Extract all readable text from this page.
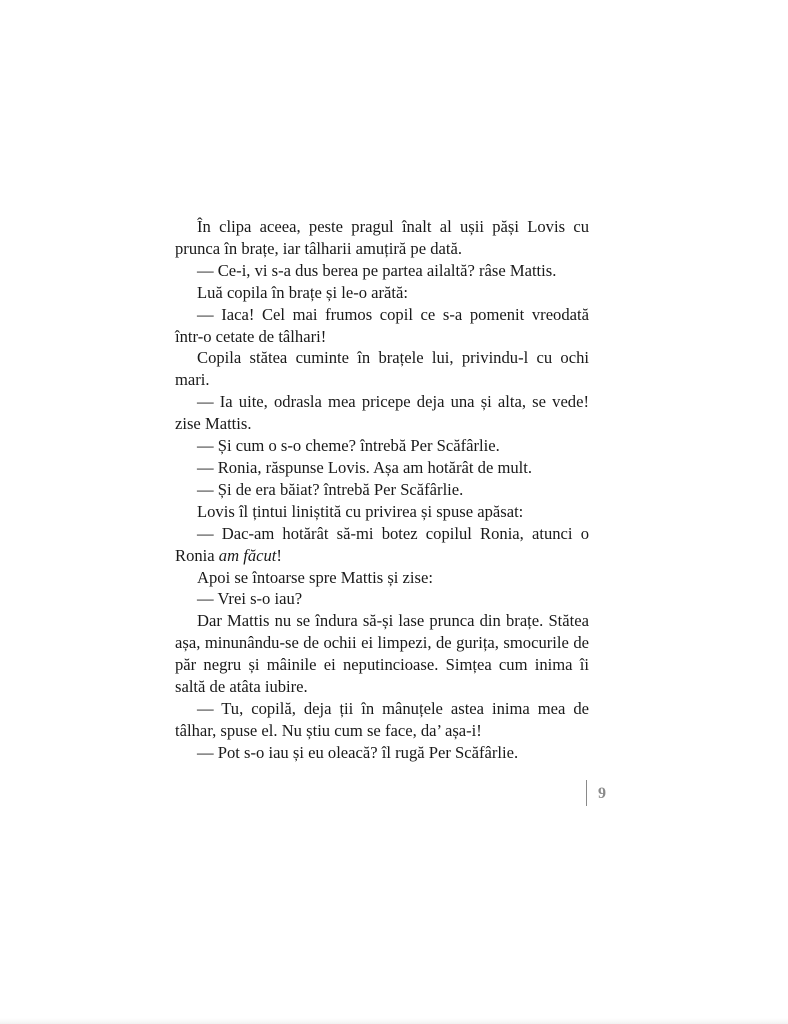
În clipa aceea, peste pragul înalt al ușii păși Lovis cu prunca în brațe, iar tâlharii amuțiră pe dată.

— Ce-i, vi s-a dus berea pe partea ailaltă? râse Mattis.

Luă copila în brațe și le-o arătă:

— Iaca! Cel mai frumos copil ce s-a pomenit vreodată într-o cetate de tâlhari!

Copila stătea cuminte în brațele lui, privindu-l cu ochi mari.

— Ia uite, odrasla mea pricepe deja una și alta, se vede! zise Mattis.

— Și cum o s-o cheme? întrebă Per Scăfârlie.

— Ronia, răspunse Lovis. Așa am hotărât de mult.

— Și de era băiat? întrebă Per Scăfârlie.

Lovis îl țintui liniștită cu privirea și spuse apăsat:

— Dac-am hotărât să-mi botez copilul Ronia, atunci o Ronia am făcut!

Apoi se întoarse spre Mattis și zise:

— Vrei s-o iau?

Dar Mattis nu se îndura să-și lase prunca din brațe. Stătea așa, minunându-se de ochii ei limpezi, de gurița, smocurile de păr negru și mâinile ei neputincioase. Simțea cum inima îi saltă de atâta iubire.

— Tu, copilă, deja ții în mânuțele astea inima mea de tâlhar, spuse el. Nu știu cum se face, da’ așa-i!

— Pot s-o iau și eu oleacă? îl rugă Per Scăfârlie.

9
